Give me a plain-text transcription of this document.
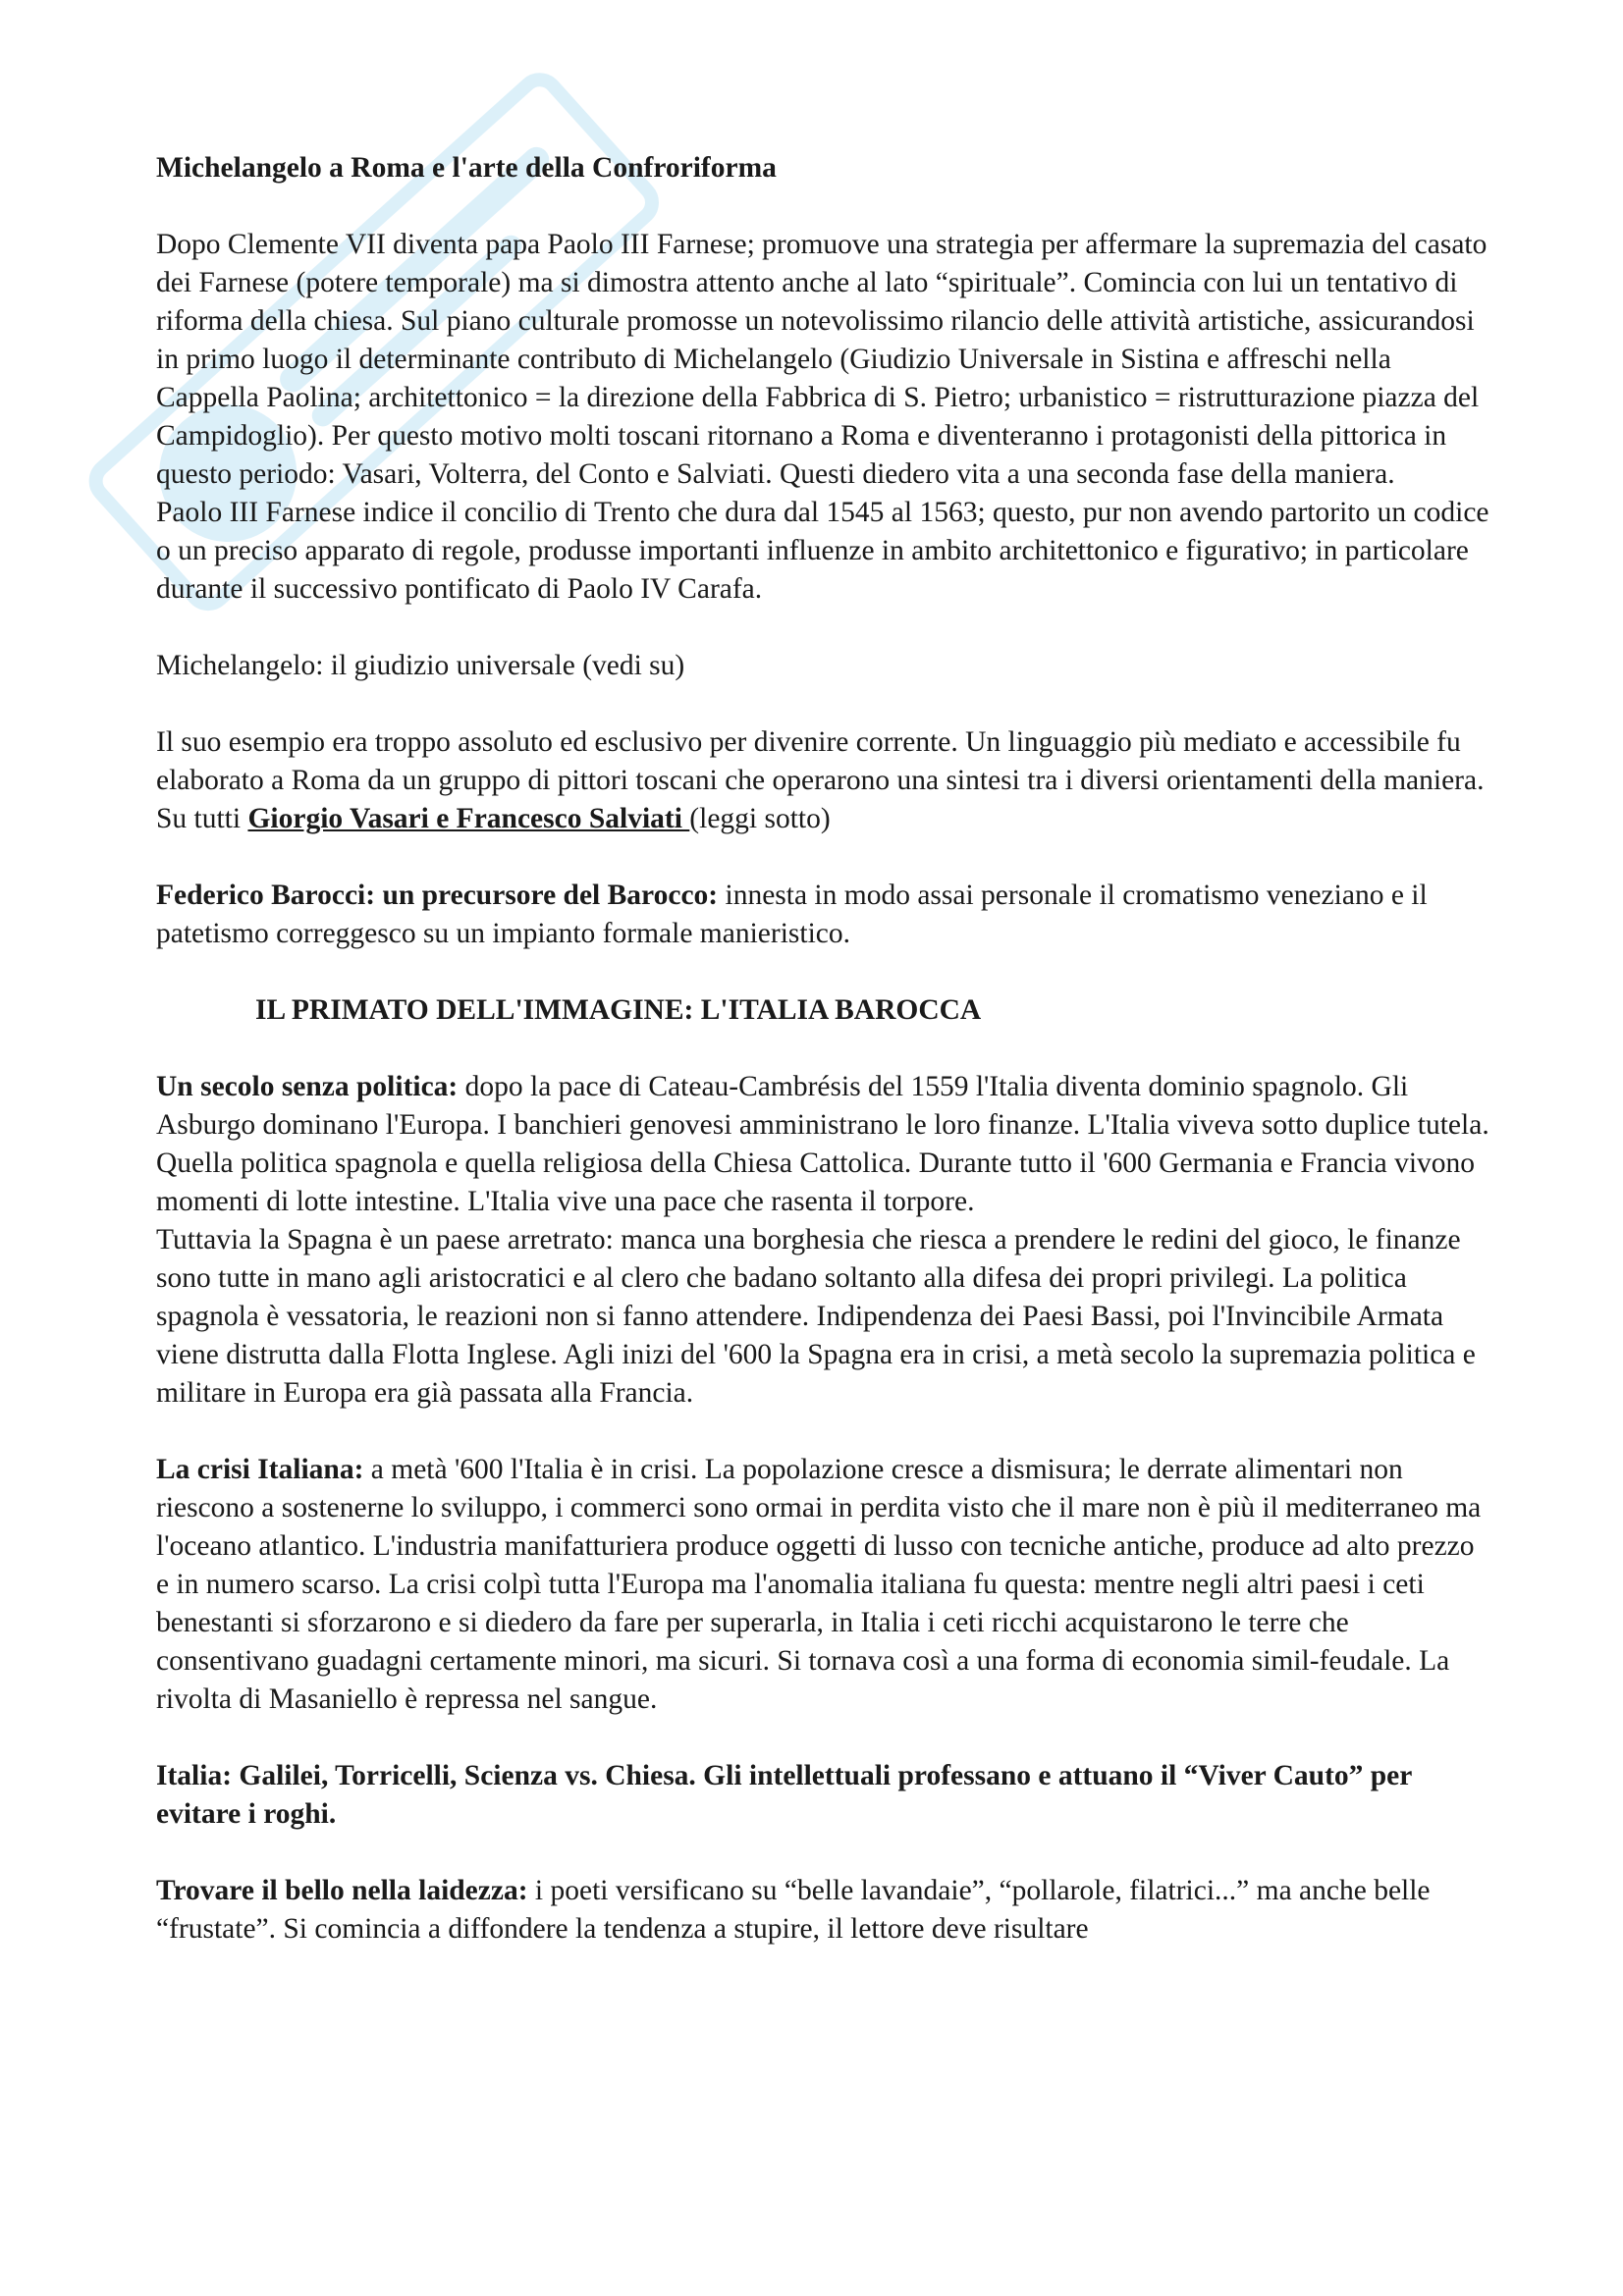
Michelangelo a Roma e l'arte della Confroriforma

Dopo Clemente VII diventa papa Paolo III Farnese; promuove una strategia per affermare la supremazia del casato dei Farnese (potere temporale) ma si dimostra attento anche al lato “spirituale”. Comincia con lui un tentativo di riforma della chiesa. Sul piano culturale promosse un notevolissimo rilancio delle attività artistiche, assicurandosi in primo luogo il determinante contributo di Michelangelo (Giudizio Universale in Sistina e affreschi nella Cappella Paolina; architettonico = la direzione della Fabbrica di S. Pietro; urbanistico = ristrutturazione piazza del Campidoglio). Per questo motivo molti toscani ritornano a Roma e diventeranno i protagonisti della pittorica in questo periodo: Vasari, Volterra, del Conto e Salviati. Questi diedero vita a una seconda fase della maniera.

Paolo III Farnese indice il concilio di Trento che dura dal 1545 al 1563; questo, pur non avendo partorito un codice o un preciso apparato di regole, produsse importanti influenze in ambito architettonico e figurativo; in particolare durante il successivo pontificato di Paolo IV Carafa.

Michelangelo: il giudizio universale (vedi su)

Il suo esempio era troppo assoluto ed esclusivo per divenire corrente. Un linguaggio più mediato e accessibile fu elaborato a Roma da un gruppo di pittori toscani che operarono una sintesi tra i diversi orientamenti della maniera. Su tutti Giorgio Vasari e Francesco Salviati (leggi sotto)

Federico Barocci: un precursore del Barocco: innesta in modo assai personale il cromatismo veneziano e il patetismo correggesco su un impianto formale manieristico.

IL PRIMATO DELL'IMMAGINE: L'ITALIA BAROCCA

Un secolo senza politica: dopo la pace di Cateau-Cambrésis del 1559 l'Italia diventa dominio spagnolo. Gli Asburgo dominano l'Europa. I banchieri genovesi amministrano le loro finanze. L'Italia viveva sotto duplice tutela. Quella politica spagnola e quella religiosa della Chiesa Cattolica. Durante tutto il '600 Germania e Francia vivono momenti di lotte intestine. L'Italia vive una pace che rasenta il torpore.

Tuttavia la Spagna è un paese arretrato: manca una borghesia che riesca a prendere le redini del gioco, le finanze sono tutte in mano agli aristocratici e al clero che badano soltanto alla difesa dei propri privilegi. La politica spagnola è vessatoria, le reazioni non si fanno attendere. Indipendenza dei Paesi Bassi, poi l'Invincibile Armata viene distrutta dalla Flotta Inglese. Agli inizi del '600 la Spagna era in crisi, a metà secolo la supremazia politica e militare in Europa era già passata alla Francia.

La crisi Italiana: a metà '600 l'Italia è in crisi. La popolazione cresce a dismisura; le derrate alimentari non riescono a sostenerne lo sviluppo, i commerci sono ormai in perdita visto che il mare non è più il mediterraneo ma l'oceano atlantico. L'industria manifatturiera produce oggetti di lusso con tecniche antiche, produce ad alto prezzo e in numero scarso. La crisi colpì tutta l'Europa ma l'anomalia italiana fu questa: mentre negli altri paesi i ceti benestanti si sforzarono e si diedero da fare per superarla, in Italia i ceti ricchi acquistarono le terre che consentivano guadagni certamente minori, ma sicuri. Si tornava così a una forma di economia simil-feudale. La rivolta di Masaniello è repressa nel sangue.

Italia: Galilei, Torricelli, Scienza vs. Chiesa. Gli intellettuali professano e attuano il “Viver Cauto” per evitare i roghi.

Trovare il bello nella laidezza: i poeti versificano su “belle lavandaie”, “pollarole, filatrici...” ma anche belle “frustate”. Si comincia a diffondere la tendenza a stupire, il lettore deve risultare
